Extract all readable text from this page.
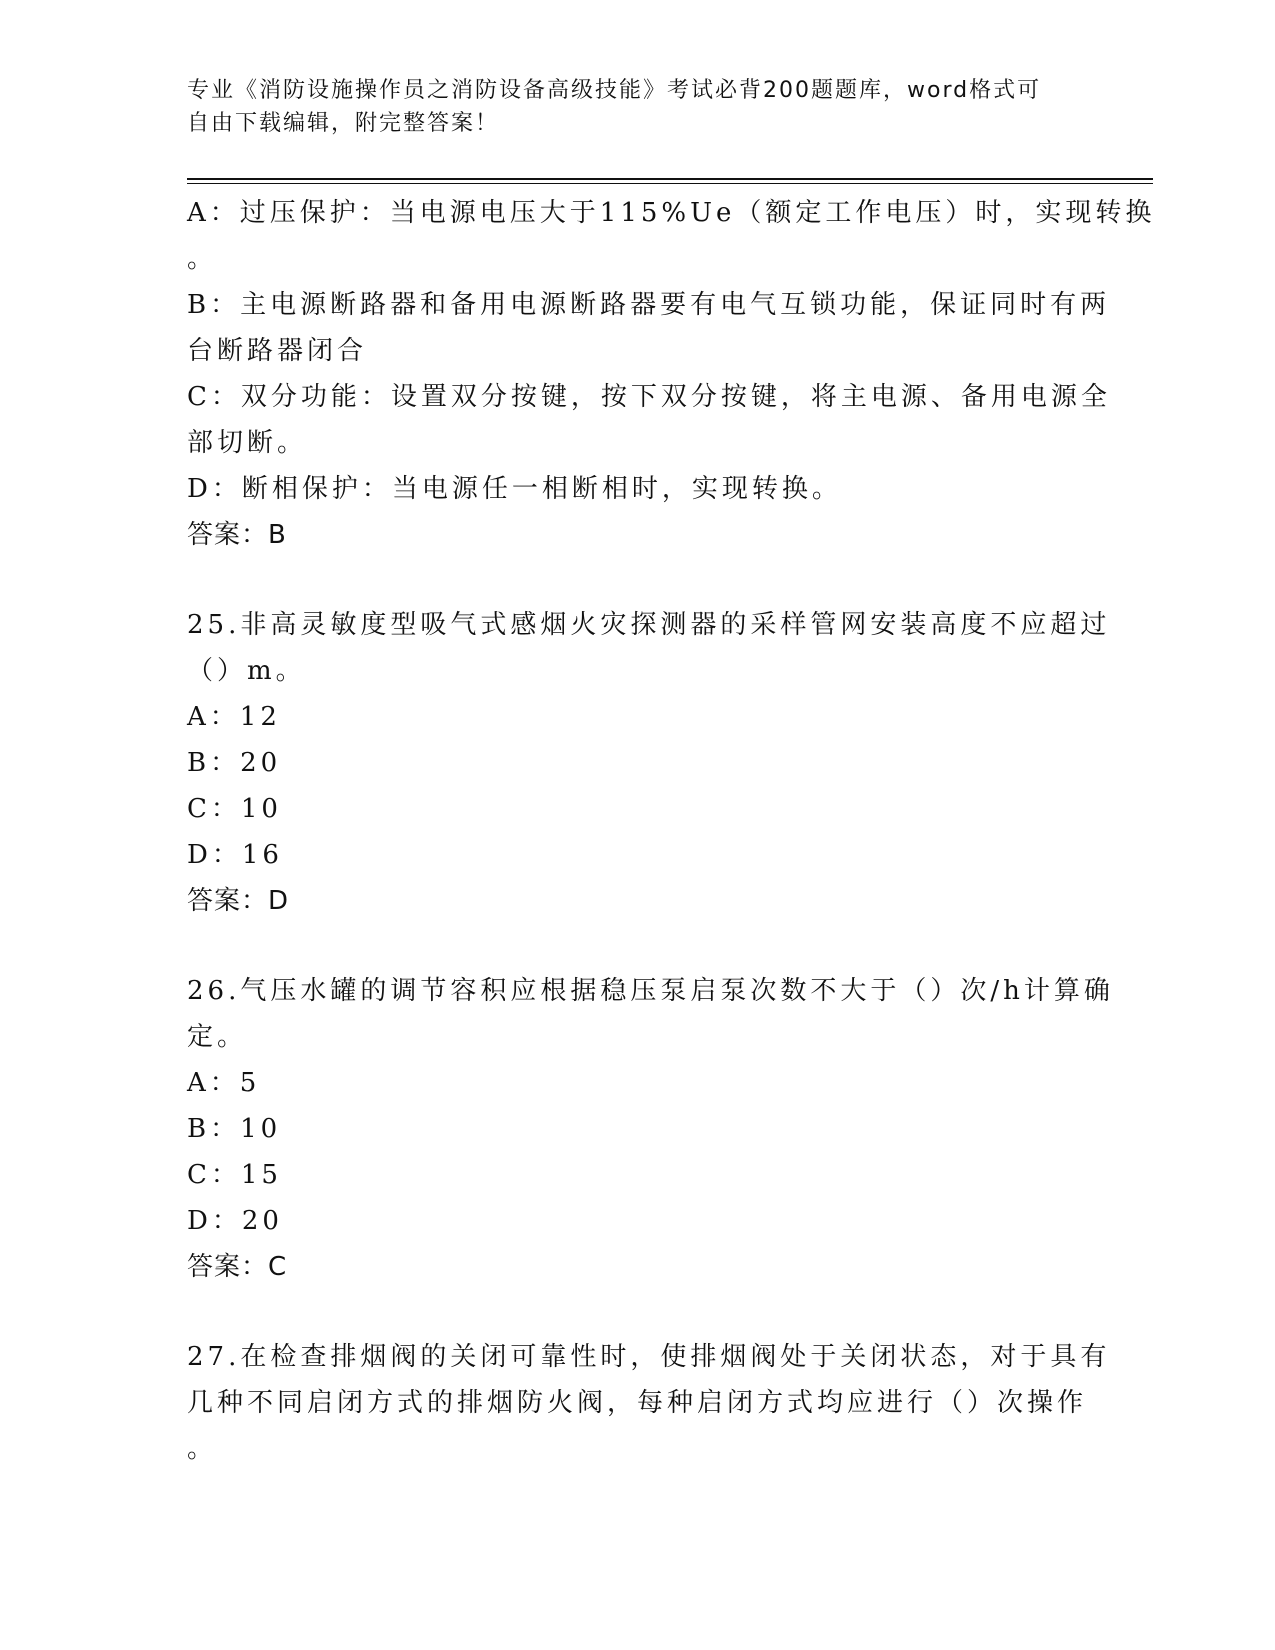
专业《消防设施操作员之消防设备高级技能》考试必背200题题库，word格式可
自由下载编辑，附完整答案！
A：过压保护：当电源电压大于115%Ue（额定工作电压）时，实现转换
。
B：主电源断路器和备用电源断路器要有电气互锁功能，保证同时有两
台断路器闭合
C：双分功能：设置双分按键，按下双分按键，将主电源、备用电源全
部切断。
D：断相保护：当电源任一相断相时，实现转换。
答案：B
25.非高灵敏度型吸气式感烟火灾探测器的采样管网安装高度不应超过
（）m。
A：12
B：20
C：10
D：16
答案：D
26.气压水罐的调节容积应根据稳压泵启泵次数不大于（）次/h计算确
定。
A：5
B：10
C：15
D：20
答案：C
27.在检查排烟阀的关闭可靠性时，使排烟阀处于关闭状态，对于具有
几种不同启闭方式的排烟防火阀，每种启闭方式均应进行（）次操作
。
